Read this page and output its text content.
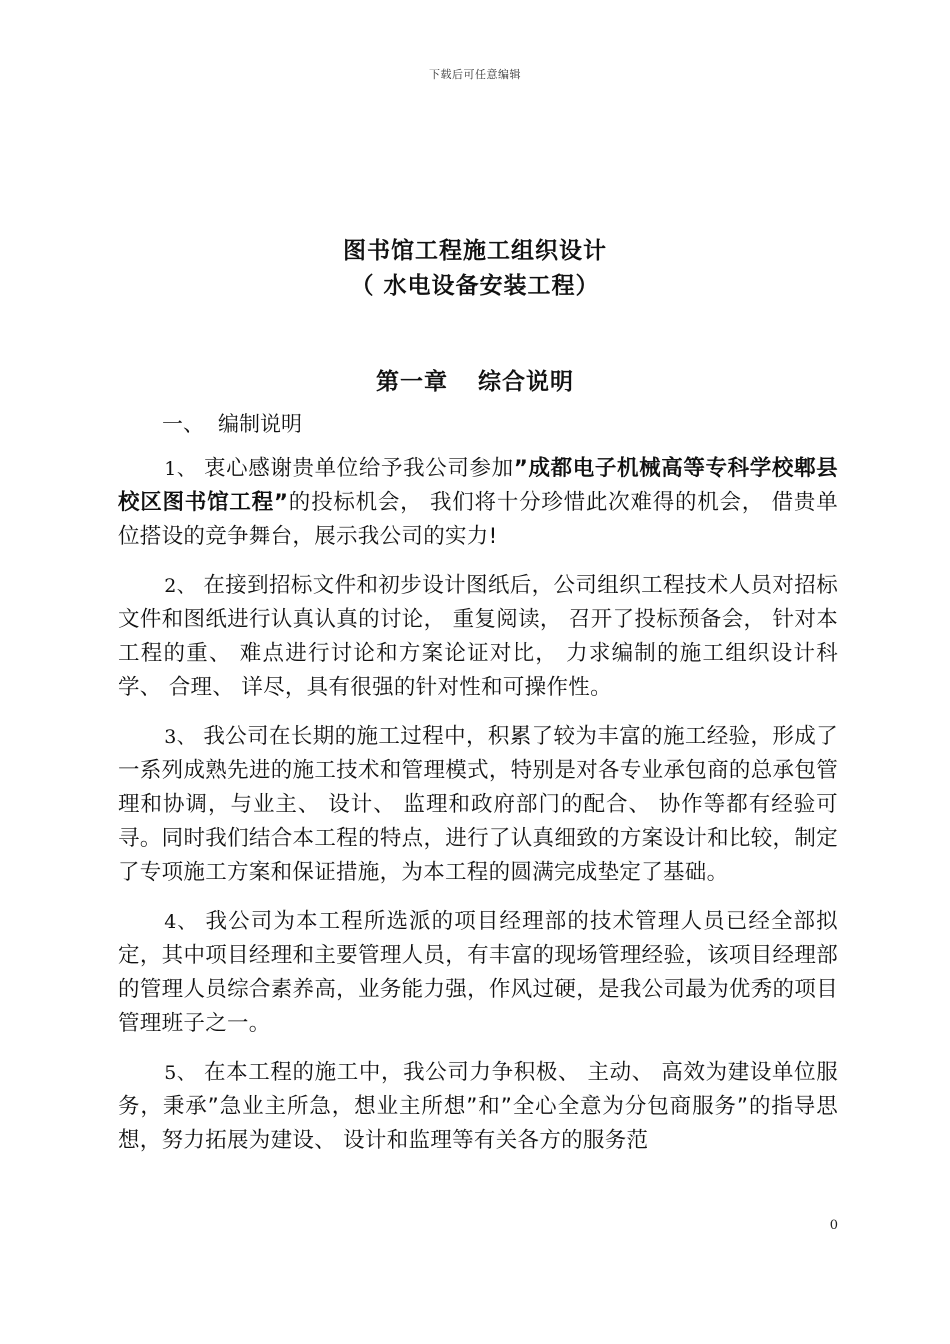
下载后可任意编辑
图书馆工程施工组织设计
（ 水电设备安装工程）
第一章 综合说明
一、 编制说明

1、 衷心感谢贵单位给予我公司参加”成都电子机械高等专科学校郫县校区图书馆工程”的投标机会， 我们将十分珍惜此次难得的机会， 借贵单位搭设的竞争舞台，展示我公司的实力!

2、 在接到招标文件和初步设计图纸后，公司组织工程技术人员对招标文件和图纸进行认真认真的讨论， 重复阅读， 召开了投标预备会， 针对本工程的重、 难点进行讨论和方案论证对比， 力求编制的施工组织设计科学、 合理、 详尽，具有很强的针对性和可操作性。

3、 我公司在长期的施工过程中，积累了较为丰富的施工经验，形成了一系列成熟先进的施工技术和管理模式，特别是对各专业承包商的总承包管理和协调，与业主、 设计、 监理和政府部门的配合、 协作等都有经验可寻。同时我们结合本工程的特点，进行了认真细致的方案设计和比较，制定了专项施工方案和保证措施，为本工程的圆满完成垫定了基础。

4、 我公司为本工程所选派的项目经理部的技术管理人员已经全部拟定，其中项目经理和主要管理人员，有丰富的现场管理经验，该项目经理部的管理人员综合素养高，业务能力强，作风过硬，是我公司最为优秀的项目管理班子之一。

5、 在本工程的施工中，我公司力争积极、 主动、 高效为建设单位服务，秉承”急业主所急，想业主所想”和”全心全意为分包商服务”的指导思想，努力拓展为建设、 设计和监理等有关各方的服务范

0
